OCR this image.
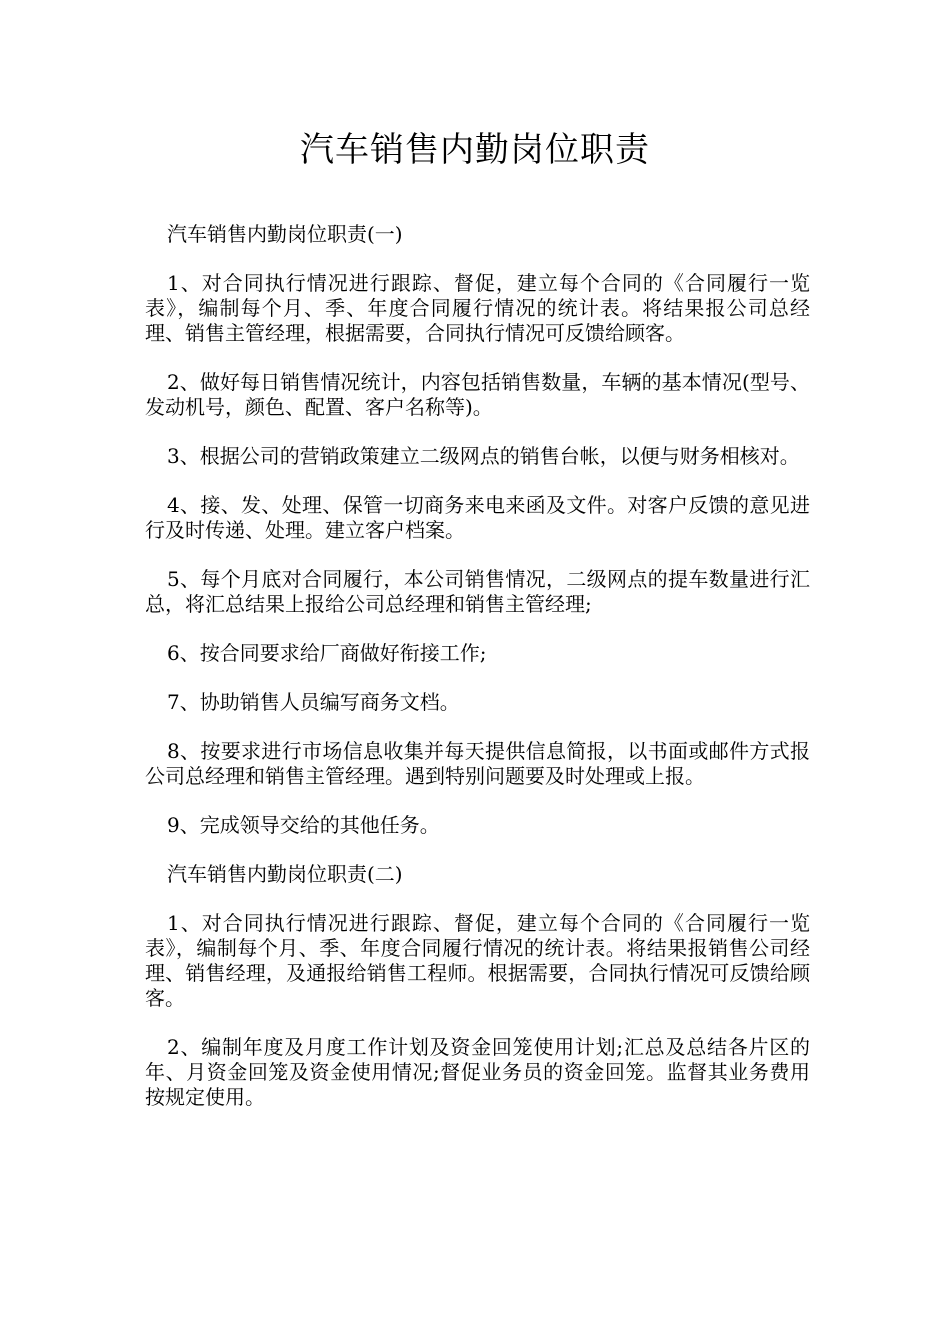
汽车销售内勤岗位职责

汽车销售内勤岗位职责(一)

1、对合同执行情况进行跟踪、督促，建立每个合同的《合同履行一览表》，编制每个月、季、年度合同履行情况的统计表。将结果报公司总经理、销售主管经理，根据需要，合同执行情况可反馈给顾客。

2、做好每日销售情况统计，内容包括销售数量，车辆的基本情况(型号、发动机号，颜色、配置、客户名称等)。

3、根据公司的营销政策建立二级网点的销售台帐，以便与财务相核对。

4、接、发、处理、保管一切商务来电来函及文件。对客户反馈的意见进行及时传递、处理。建立客户档案。

5、每个月底对合同履行，本公司销售情况，二级网点的提车数量进行汇总，将汇总结果上报给公司总经理和销售主管经理;

6、按合同要求给厂商做好衔接工作;

7、协助销售人员编写商务文档。

8、按要求进行市场信息收集并每天提供信息简报，以书面或邮件方式报公司总经理和销售主管经理。遇到特别问题要及时处理或上报。

9、完成领导交给的其他任务。

汽车销售内勤岗位职责(二)

1、对合同执行情况进行跟踪、督促，建立每个合同的《合同履行一览表》，编制每个月、季、年度合同履行情况的统计表。将结果报销售公司经理、销售经理，及通报给销售工程师。根据需要，合同执行情况可反馈给顾客。

2、编制年度及月度工作计划及资金回笼使用计划;汇总及总结各片区的年、月资金回笼及资金使用情况;督促业务员的资金回笼。监督其业务费用按规定使用。
